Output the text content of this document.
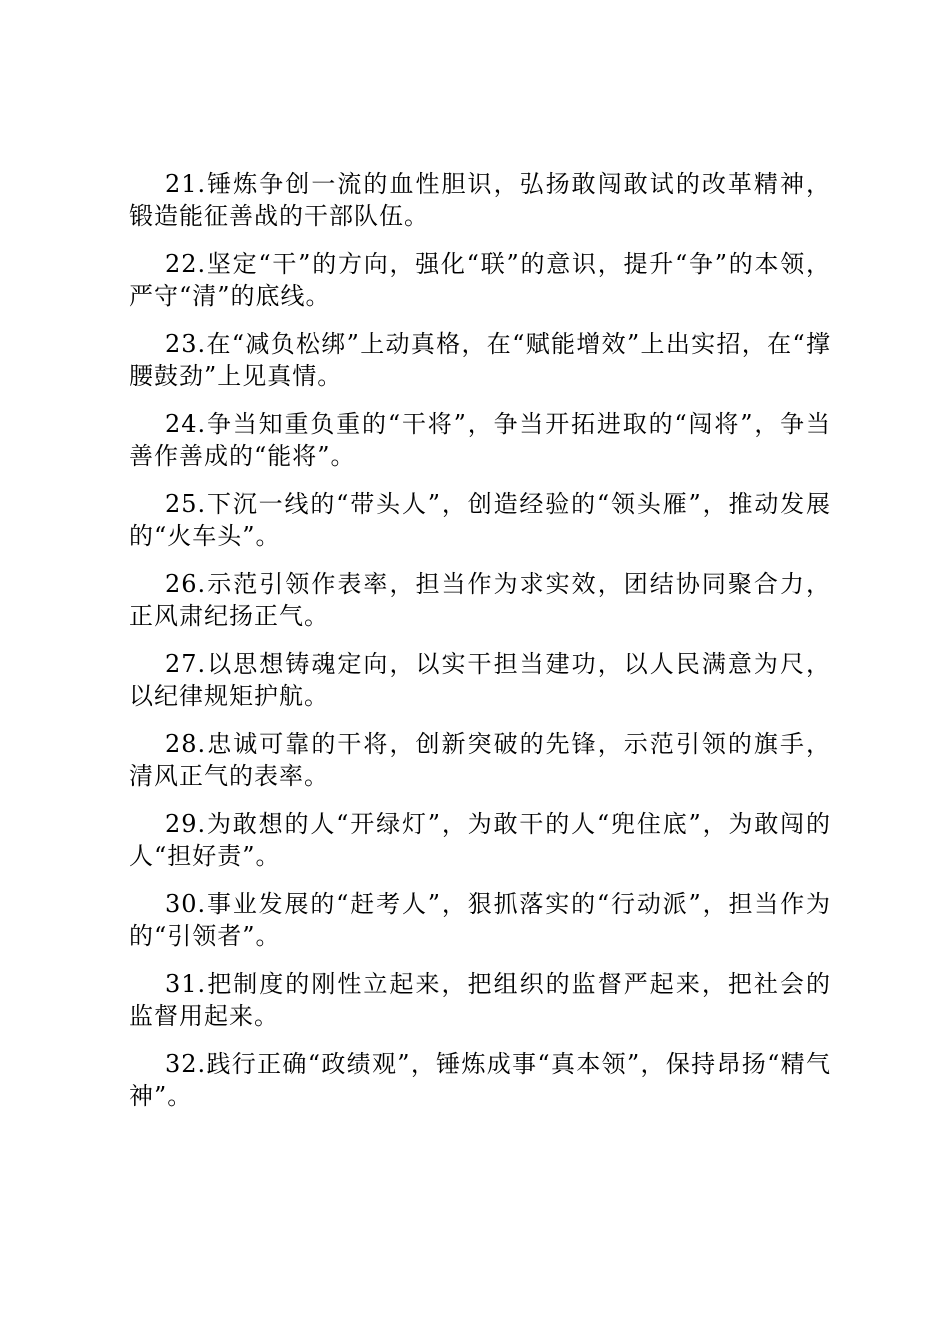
21.锤炼争创一流的血性胆识，弘扬敢闯敢试的改革精神，锻造能征善战的干部队伍。

22.坚定“干”的方向，强化“联”的意识，提升“争”的本领，严守“清”的底线。

23.在“减负松绑”上动真格，在“赋能增效”上出实招，在“撑腰鼓劲”上见真情。

24.争当知重负重的“干将”，争当开拓进取的“闯将”，争当善作善成的“能将”。

25.下沉一线的“带头人”，创造经验的“领头雁”，推动发展的“火车头”。

26.示范引领作表率，担当作为求实效，团结协同聚合力，正风肃纪扬正气。

27.以思想铸魂定向，以实干担当建功，以人民满意为尺，以纪律规矩护航。

28.忠诚可靠的干将，创新突破的先锋，示范引领的旗手，清风正气的表率。

29.为敢想的人“开绿灯”，为敢干的人“兜住底”，为敢闯的人“担好责”。

30.事业发展的“赶考人”，狠抓落实的“行动派”，担当作为的“引领者”。

31.把制度的刚性立起来，把组织的监督严起来，把社会的监督用起来。

32.践行正确“政绩观”，锤炼成事“真本领”，保持昂扬“精气神”。
